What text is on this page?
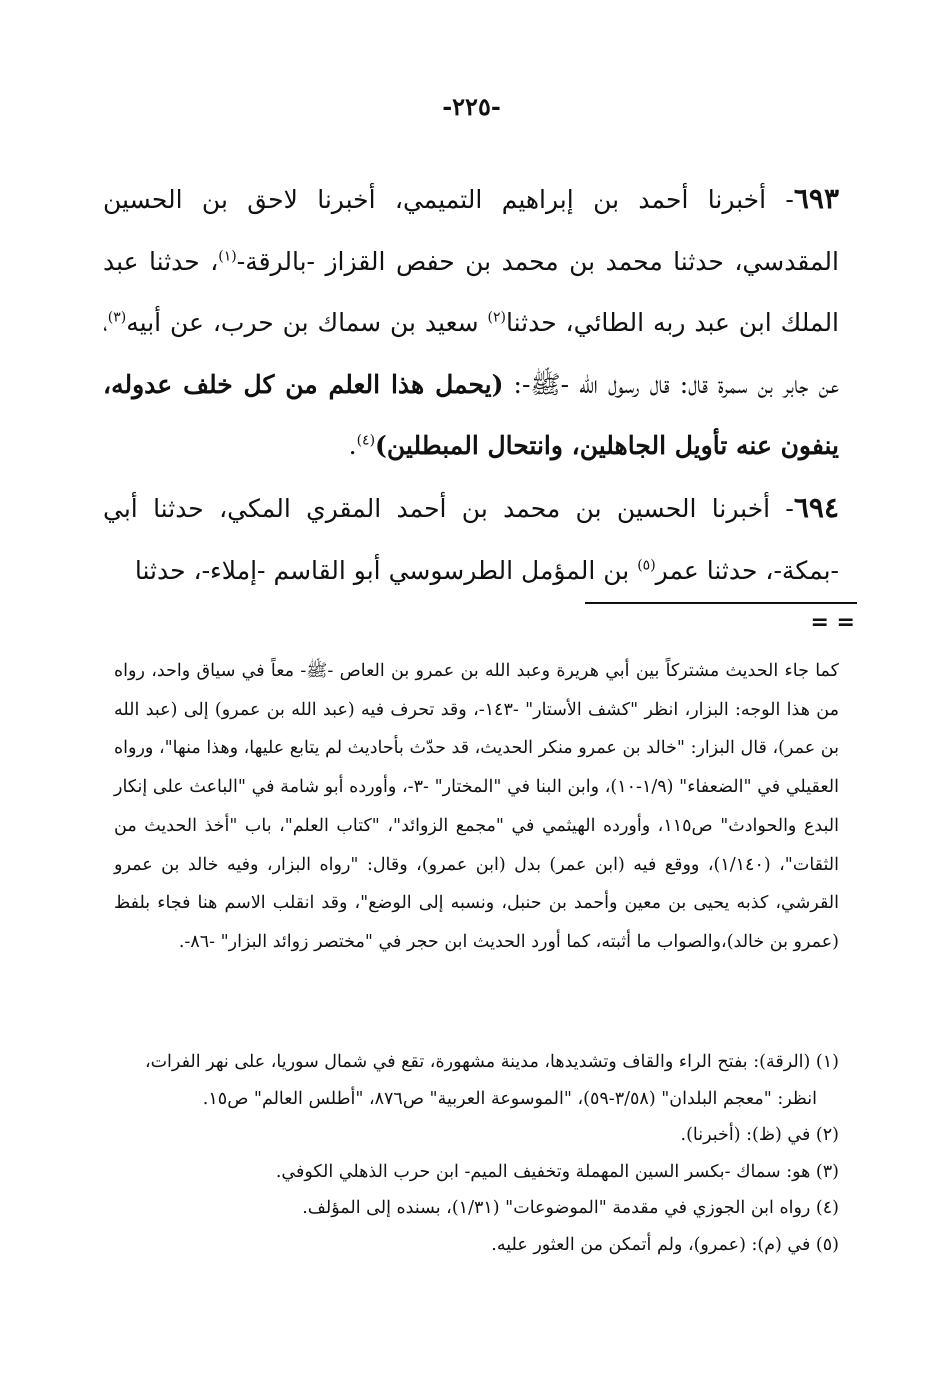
-٢٢٥-

٦٩٣- أخبرنا أحمد بن إبراهيم التميمي، أخبرنا لاحق بن الحسين المقدسي، حدثنا محمد بن محمد بن حفص القزاز -بالرقة-$^{(١)}$، حدثنا عبد الملك ابن عبد ربه الطائي، حدثنا$^{(٢)}$ سعيد بن سماك بن حرب، عن أبيه$^{(٣)}$، عن جابر بن سمرة قال: قال رسول الله -ﷺ-: (يحمل هذا العلم من كل خلف عدوله، ينفون عنه تأويل الجاهلين، وانتحال المبطلين)$^{(٤)}$.

٦٩٤- أخبرنا الحسين بن محمد بن أحمد المقري المكي، حدثنا أبي -بمكة-، حدثنا عمر$^{(٥)}$ بن المؤمل الطرسوسي أبو القاسم -إملاء-، حدثنا

= =

كما جاء الحديث مشتركاً بين أبي هريرة وعبد الله بن عمرو بن العاص -ﷺ- معاً في سياق واحد، رواه من هذا الوجه: البزار، انظر "كشف الأستار" -١٤٣-، وقد تحرف فيه (عبد الله بن عمرو) إلى (عبد الله بن عمر)، قال البزار: "خالد بن عمرو منكر الحديث، قد حدّث بأحاديث لم يتابع عليها، وهذا منها"، ورواه العقيلي في "الضعفاء" (١/٩-١٠)، وابن البنا في "المختار" -٣-، وأورده أبو شامة في "الباعث على إنكار البدع والحوادث" ص١١٥، وأورده الهيثمي في "مجمع الزوائد"، "كتاب العلم"، باب "أخذ الحديث من الثقات"، (١/١٤٠)، ووقع فيه (ابن عمر) بدل (ابن عمرو)، وقال: "رواه البزار، وفيه خالد بن عمرو القرشي، كذبه يحيى بن معين وأحمد بن حنبل، ونسبه إلى الوضع"، وقد انقلب الاسم هنا فجاء بلفظ (عمرو بن خالد)،والصواب ما أثبته، كما أورد الحديث ابن حجر في "مختصر زوائد البزار" -٨٦-.

(١) (الرقة): بفتح الراء والقاف وتشديدها، مدينة مشهورة، تقع في شمال سوريا، على نهر الفرات،

انظر: "معجم البلدان" (٣/٥٨-٥٩)، "الموسوعة العربية" ص٨٧٦، "أطلس العالم" ص١٥.

(٢) في (ظ): (أخبرنا).

(٣) هو: سماك -بكسر السين المهملة وتخفيف الميم- ابن حرب الذهلي الكوفي.

(٤) رواه ابن الجوزي في مقدمة "الموضوعات" (١/٣١)، بسنده إلى المؤلف.

(٥) في (م): (عمرو)، ولم أتمكن من العثور عليه.
